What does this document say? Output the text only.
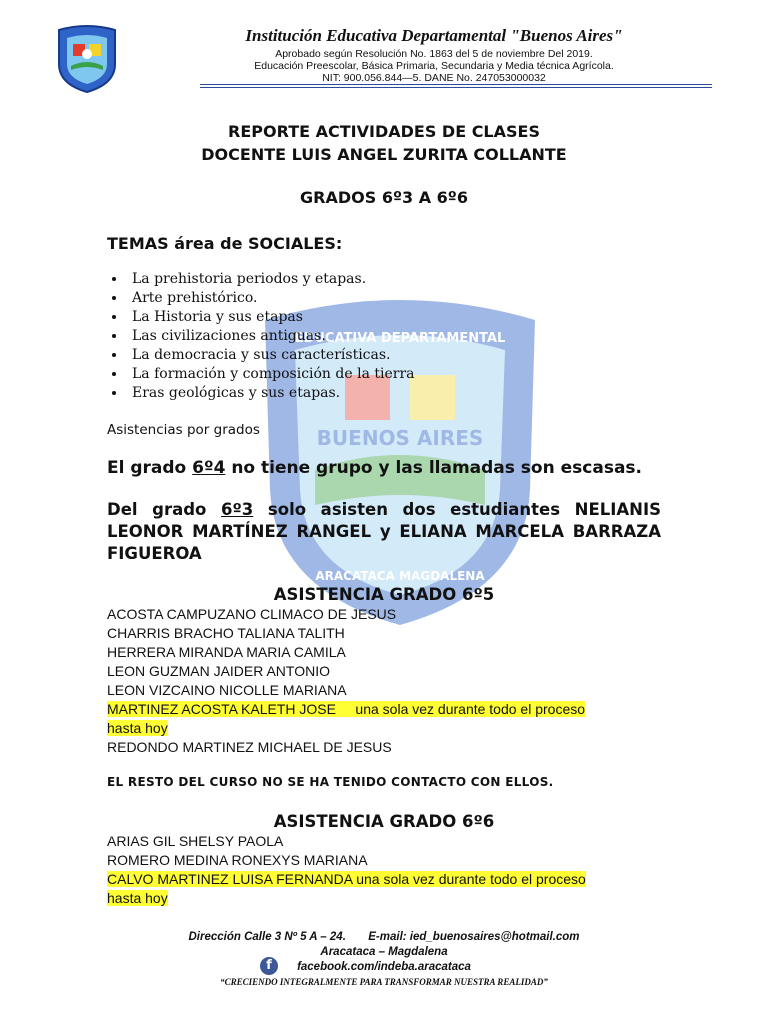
Institución Educativa Departamental "Buenos Aires"
Aprobado según Resolución No. 1863 del 5 de noviembre Del 2019.
Educación Preescolar, Básica Primaria, Secundaria y Media técnica Agrícola.
NIT: 900.056.844—5. DANE No. 247053000032
EDUCATIVA DEPARTAMENTAL
BUENOS AIRES
ARACATACA MAGDALENA
REPORTE ACTIVIDADES DE CLASES
DOCENTE LUIS ANGEL ZURITA COLLANTE
GRADOS 6º3 A 6º6
TEMAS área de SOCIALES:
• La prehistoria periodos y etapas.
• Arte prehistórico.
• La Historia y sus etapas
• Las civilizaciones antiguas.
• La democracia y sus características.
• La formación y composición de la tierra
• Eras geológicas y sus etapas.
Asistencias por grados
El grado 6º4 no tiene grupo y las llamadas son escasas.
Del grado 6º3 solo asisten dos estudiantes NELIANIS LEONOR MARTÍNEZ RANGEL y ELIANA MARCELA BARRAZA FIGUEROA
ASISTENCIA GRADO 6º5
ACOSTA CAMPUZANO CLIMACO DE JESUS
CHARRIS BRACHO TALIANA TALITH
HERRERA MIRANDA MARIA CAMILA
LEON GUZMAN JAIDER ANTONIO
LEON VIZCAINO NICOLLE MARIANA
MARTINEZ ACOSTA KALETH JOSE     una sola vez durante todo el proceso
hasta hoy
REDONDO MARTINEZ MICHAEL DE JESUS
EL RESTO DEL CURSO NO SE HA TENIDO CONTACTO CON ELLOS.
ASISTENCIA GRADO 6º6
ARIAS GIL SHELSY PAOLA
ROMERO MEDINA RONEXYS MARIANA
CALVO MARTINEZ LUISA FERNANDA una sola vez durante todo el proceso
hasta hoy
Dirección Calle 3 Nº 5 A – 24.       E-mail: ied_buenosaires@hotmail.com
Aracataca – Magdalena
f	facebook.com/indeba.aracataca
“CRECIENDO INTEGRALMENTE PARA TRANSFORMAR NUESTRA REALIDAD”
